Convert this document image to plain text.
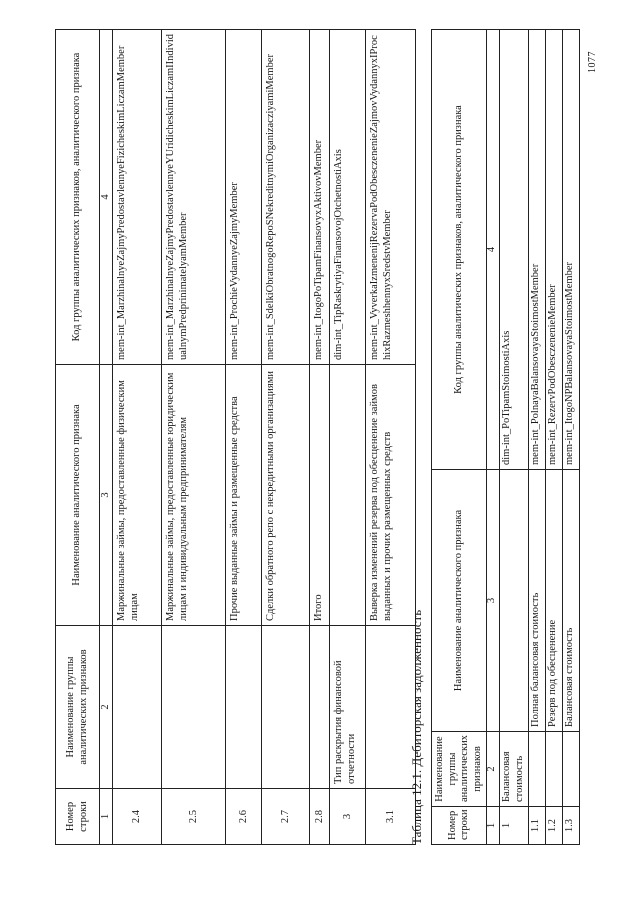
1077
Номер строки	Наименование группы аналитических признаков	Наименование аналитического признака	Код группы аналитических признаков, аналитического признака
1	2	3	4
2.4		Маржинальные займы, предоставленные физическим лицам	mem-int_MarzhinalnyeZajmyPredostavlennyeFizicheskimLiczamMember
2.5		Маржинальные займы, предоставленные юридическим лицам и индивидуальным предпринимателям	mem-int_MarzhinalnyeZajmyPredostavlennyeYUridicheskimLiczamIIndividualnymPredprinimatelyamMember
2.6		Прочие выданные займы и размещенные средства	mem-int_ProchieVydannyeZajmyMember
2.7		Сделки обратного репо с некредитными организациями	mem-int_SdelkiObratnogoRepoSNekreditnymiOrganizacziyamiMember
2.8		Итого	mem-int_ItogoPoTipamFinansovyxAktivovMember
3	Тип раскрытия финансовой отчетности		dim-int_TipRaskrytiyaFinansovojOtchetnostiAxis
3.1		Выверка изменений резерва под обесценение займов выданных и прочих размещенных средств	mem-int_VyverkaIzmenenijRezervaPodObesczenenieZajmovVydannyxIProchixRazmeshhennyxSredstvMember
Таблица 12.1. Дебиторская задолженность Номер строки	Наименование группы аналитических признаков	Наименование аналитического признака	Код группы аналитических признаков, аналитического признака
1	2	3	4
1	Балансовая стоимость		dim-int_PoTipamStoimostiAxis
1.1		Полная балансовая стоимость	mem-int_PolnayaBalansovayaStoimostMember
1.2		Резерв под обесценение	mem-int_RezervPodObesczenenieMember
1.3		Балансовая стоимость	mem-int_ItogoNPBalansovayaStoimostMember
